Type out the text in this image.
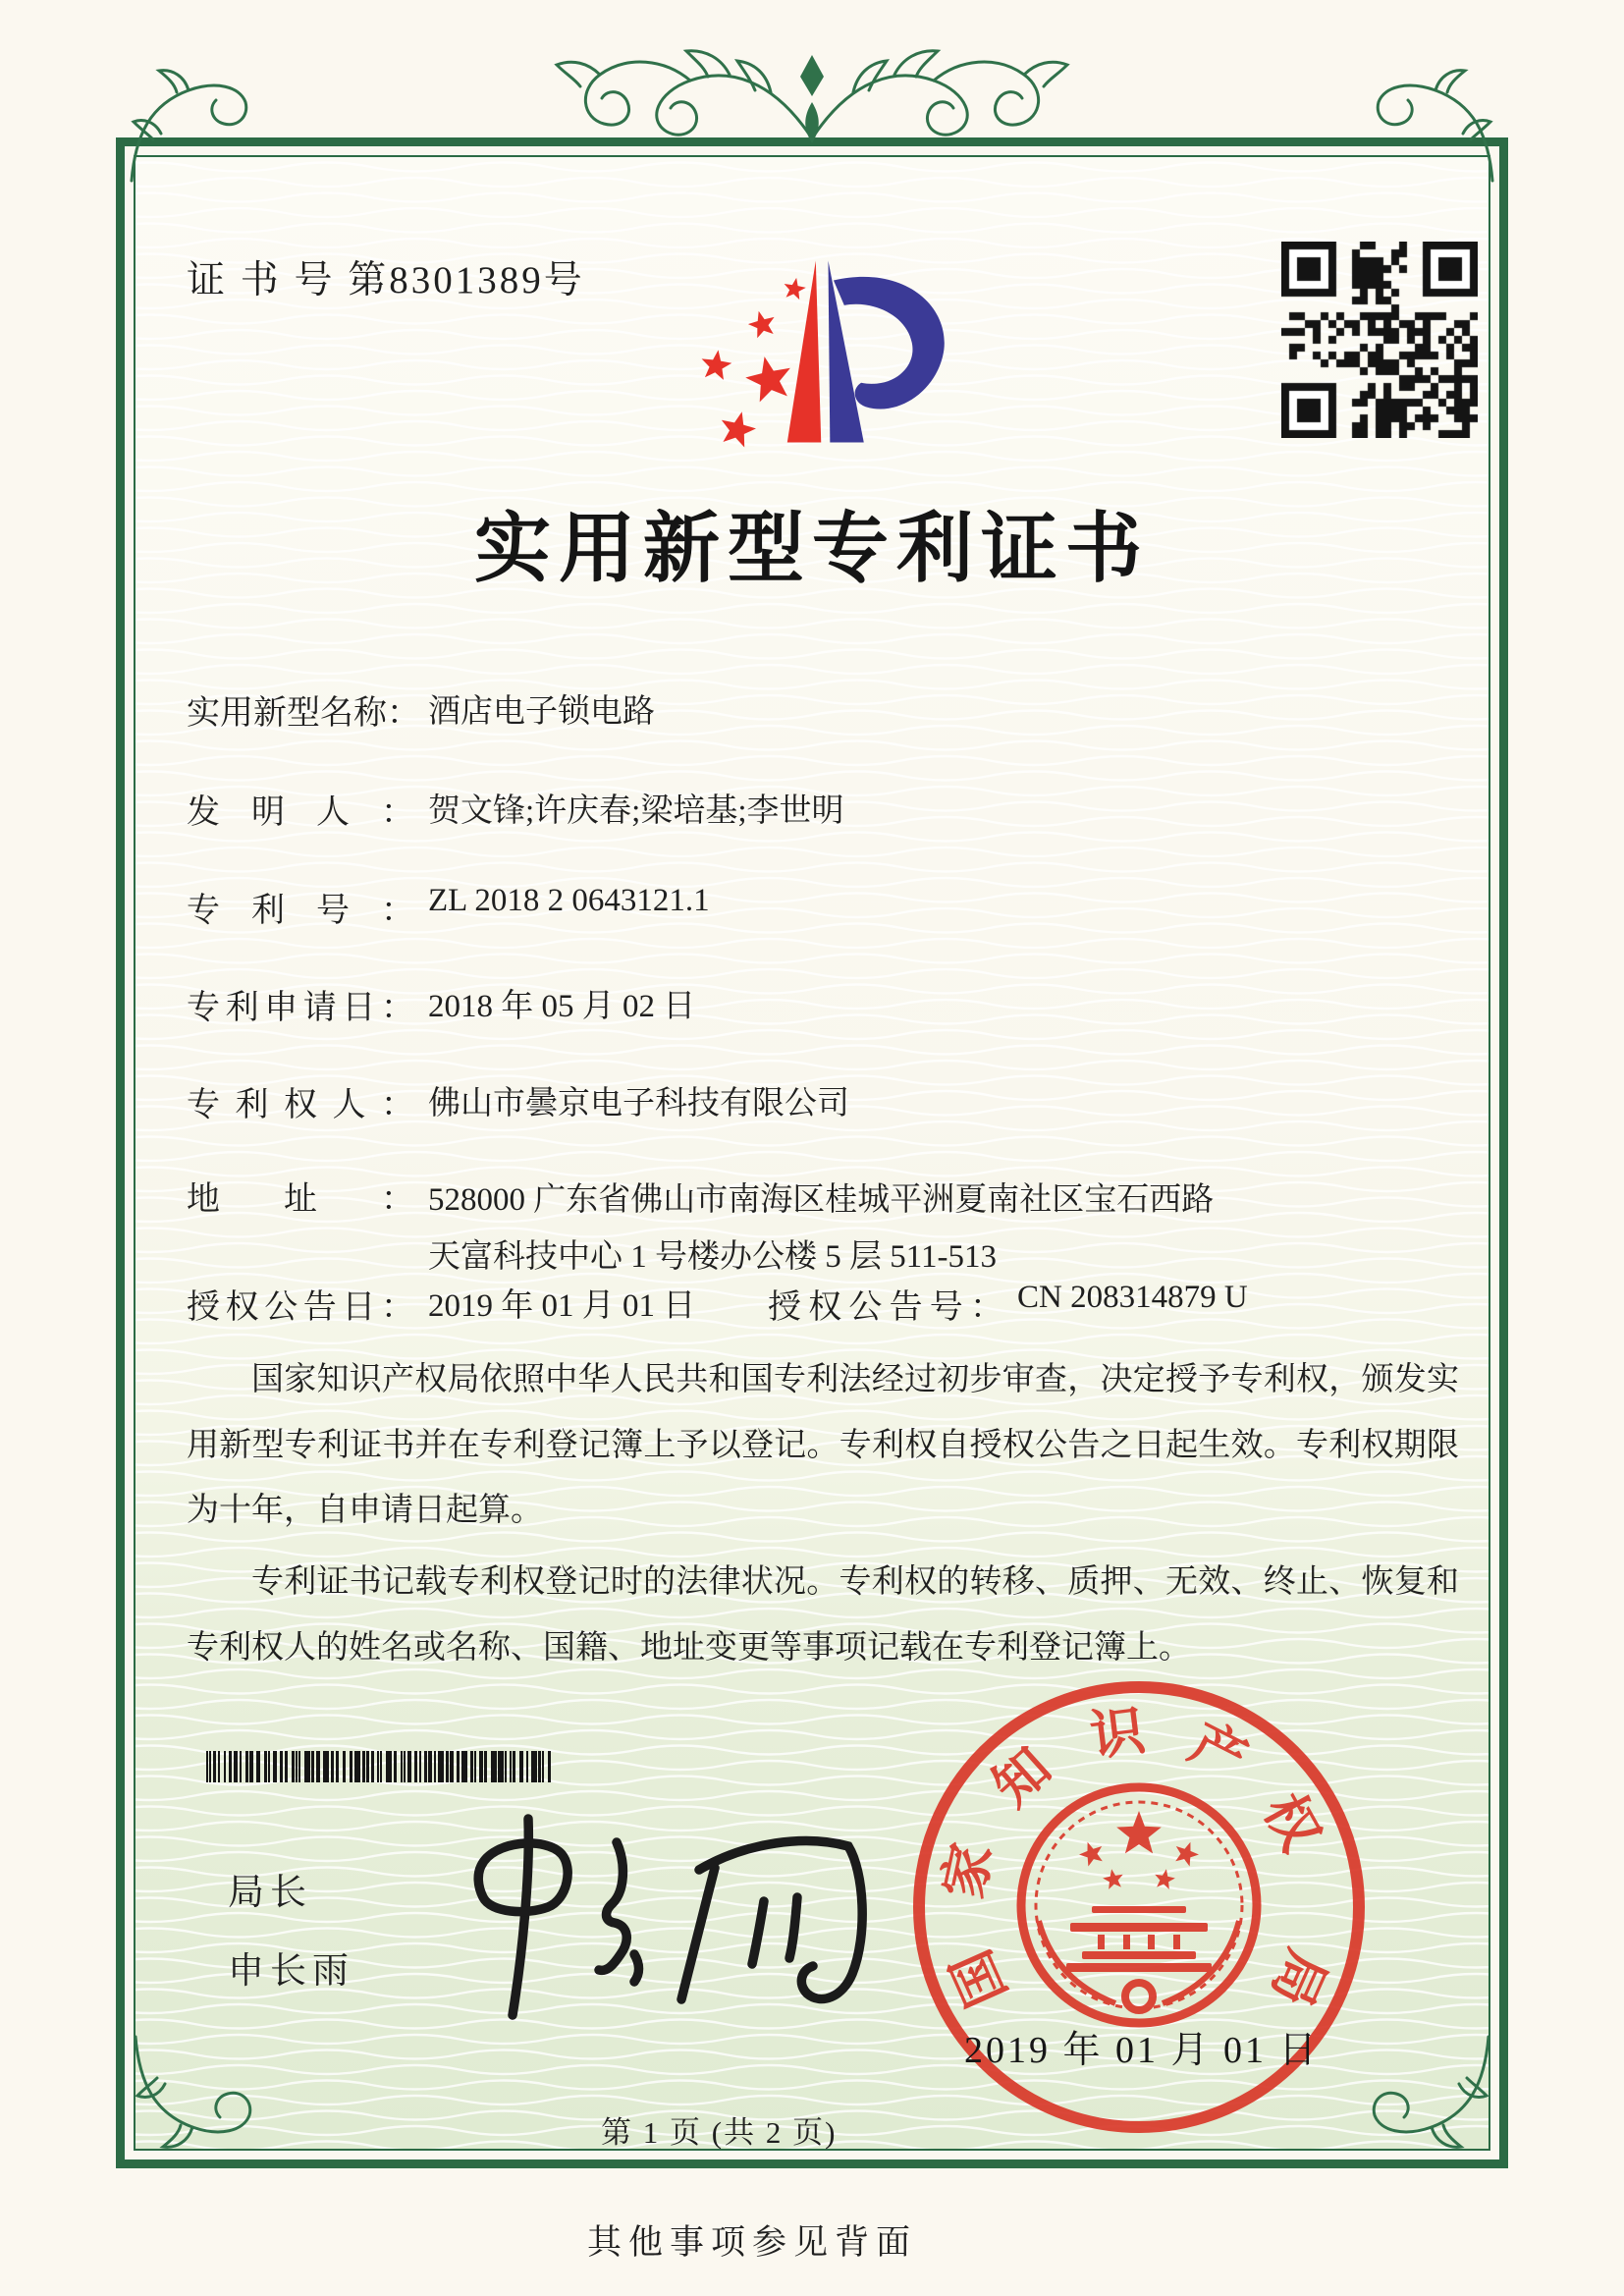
证 书 号 第8301389号
实用新型专利证书
实用新型名称： 酒店电子锁电路
发明人： 贺文锋;许庆春;梁培基;李世明
专利号： ZL 2018 2 0643121.1
专利申请日： 2018 年 05 月 02 日
专利权人： 佛山市曇京电子科技有限公司
地址： 528000 广东省佛山市南海区桂城平洲夏南社区宝石西路
天富科技中心 1 号楼办公楼 5 层 511-513
授权公告日： 2019 年 01 月 01 日 授权公告号： CN 208314879 U

国家知识产权局依照中华人民共和国专利法经过初步审查，决定授予专利权，颁发实用新型专利证书并在专利登记簿上予以登记。专利权自授权公告之日起生效。专利权期限为十年，自申请日起算。

专利证书记载专利权登记时的法律状况。专利权的转移、质押、无效、终止、恢复和专利权人的姓名或名称、国籍、地址变更等事项记载在专利登记簿上。

局长
申长雨	国
家
知
识 产
权
局
2019 年 01 月 01 日
第 1 页 (共 2 页)
其他事项参见背面
